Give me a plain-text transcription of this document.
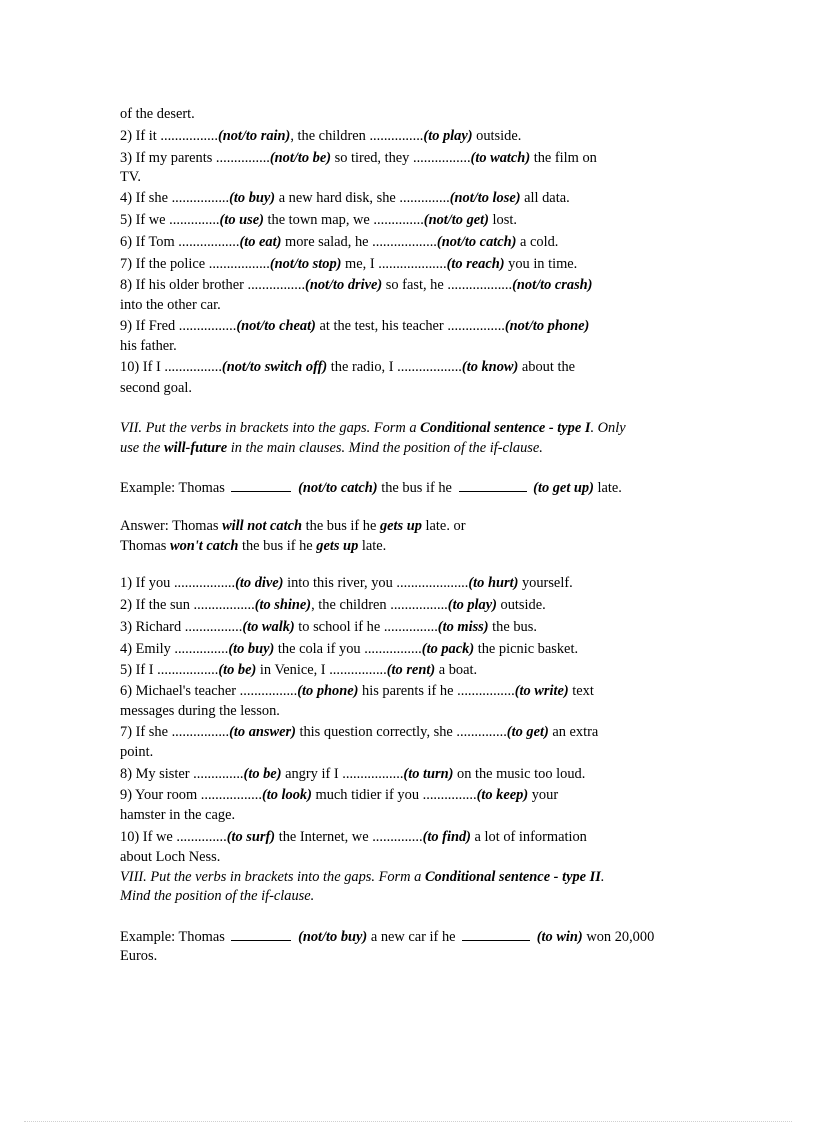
of the desert.
2) If it ................(not/to rain), the children ...............(to play) outside.
3) If my parents ...............(not/to be) so tired, they ................(to watch) the film on
TV.
4) If she ................(to buy) a new hard disk, she ..............(not/to lose) all data.
5) If we ..............(to use) the town map, we ..............(not/to get) lost.
6) If Tom .................(to eat) more salad, he ..................(not/to catch) a cold.
7) If the police .................(not/to stop) me, I ...................(to reach) you in time.
8) If his older brother ................(not/to drive) so fast, he ..................(not/to crash)
into the other car.
9) If Fred ................(not/to cheat) at the test, his teacher ................(not/to phone)
his father.
10) If I ................(not/to switch off) the radio, I ..................(to know) about the
second goal.
VII. Put the verbs in brackets into the gaps. Form a Conditional sentence - type I. Only
use the will-future in the main clauses. Mind the position of the if-clause.
Example: Thomas	(not/to catch) the bus if he	(to get up) late.
Answer: Thomas will not catch the bus if he gets up late. or
Thomas won't catch the bus if he gets up late.
1) If you .................(to dive) into this river, you ....................(to hurt) yourself.
2) If the sun .................(to shine), the children ................(to play) outside.
3) Richard ................(to walk) to school if he ...............(to miss) the bus.
4) Emily ...............(to buy) the cola if you ................(to pack) the picnic basket.
5) If I .................(to be) in Venice, I ................(to rent) a boat.
6) Michael's teacher ................(to phone) his parents if he ................(to write) text
messages during the lesson.
7) If she ................(to answer) this question correctly, she ..............(to get) an extra
point.
8) My sister ..............(to be) angry if I .................(to turn) on the music too loud.
9) Your room .................(to look) much tidier if you ...............(to keep) your
hamster in the cage.
10) If we ..............(to surf) the Internet, we ..............(to find) a lot of information
about Loch Ness.
VIII. Put the verbs in brackets into the gaps. Form a Conditional sentence - type II.
Mind the position of the if-clause.
Example: Thomas	(not/to buy) a new car if he	(to win) won 20,000
Euros.
